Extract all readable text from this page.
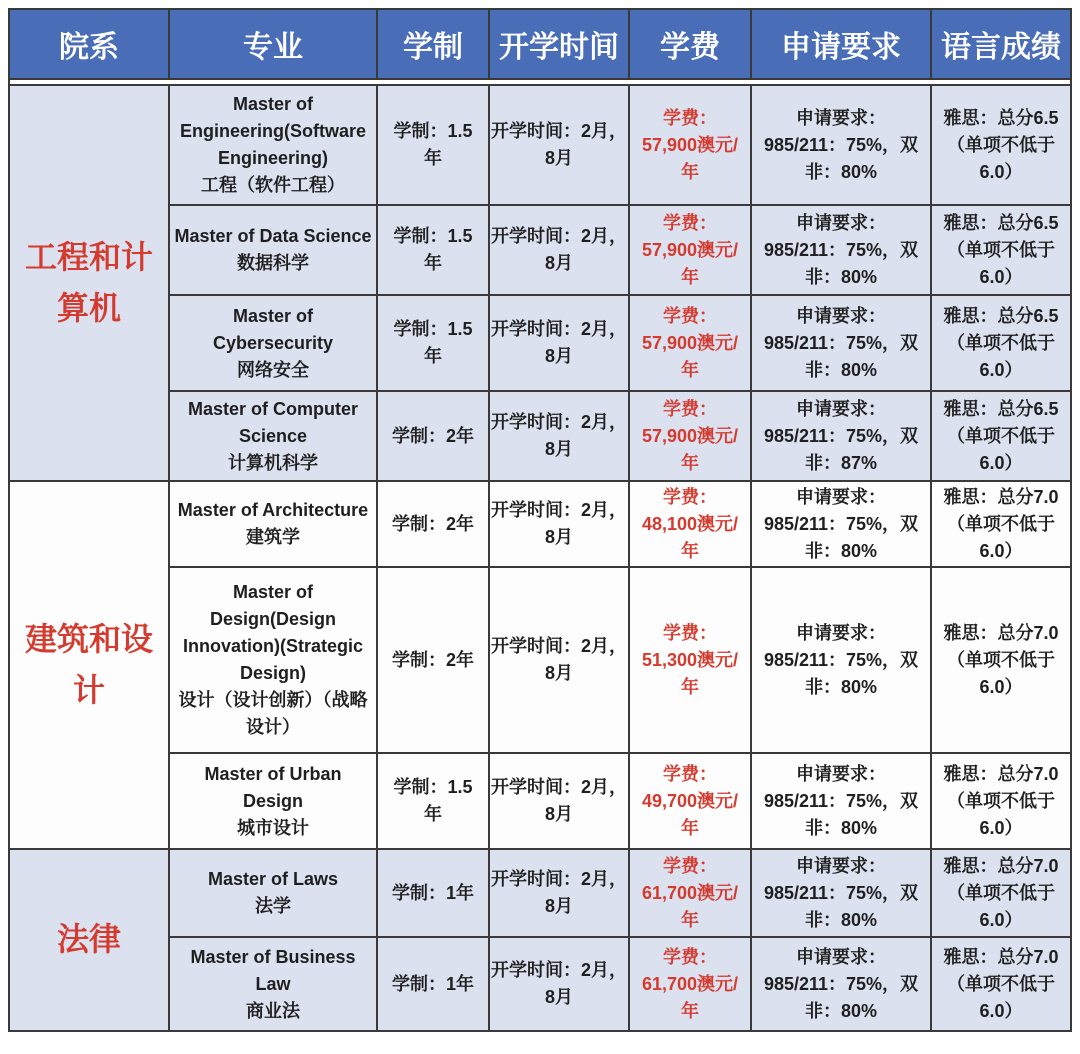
院系	专业	学制 开学时间 学费 申请要求 语言成绩
工程和计算机
Master of Engineering(Software Engineering)
工程（软件工程）
学制：1.5
年
开学时间：2月，
8月
学费：
57,900澳元/年
申请要求：
985/211：75%，双非：80%
雅思：总分6.5
（单项不低于6.0）
Master of Data Science
数据科学
学制：1.5
年
开学时间：2月，
8月
学费：
57,900澳元/年
申请要求：
985/211：75%，双非：80%
雅思：总分6.5
（单项不低于6.0）
Master of Cybersecurity
网络安全
学制：1.5
年
开学时间：2月，
8月
学费：
57,900澳元/年
申请要求：
985/211：75%，双非：80%
雅思：总分6.5
（单项不低于6.0）
Master of Computer Science
计算机科学
学制：2年
开学时间：2月，
8月
学费：
57,900澳元/年
申请要求：
985/211：75%，双非：87%
雅思：总分6.5
（单项不低于6.0）
建筑和设计
Master of Architecture
建筑学
学制：2年
开学时间：2月，
8月
学费：
48,100澳元/年
申请要求：
985/211：75%，双非：80%
雅思：总分7.0
（单项不低于6.0）
Master of Design(Design Innovation)(Strategic Design)
设计（设计创新）（战略设计）
学制：2年
开学时间：2月，
8月
学费：
51,300澳元/年
申请要求：
985/211：75%，双非：80%
雅思：总分7.0
（单项不低于6.0）
Master of Urban Design
城市设计
学制：1.5
年
开学时间：2月，
8月
学费：
49,700澳元/年
申请要求：
985/211：75%，双非：80%
雅思：总分7.0
（单项不低于6.0）
法律
Master of Laws
法学
学制：1年
开学时间：2月，
8月
学费：
61,700澳元/年
申请要求：
985/211：75%，双非：80%
雅思：总分7.0
（单项不低于6.0）
Master of Business Law
商业法
学制：1年
开学时间：2月，
8月
学费：
61,700澳元/年
申请要求：
985/211：75%，双非：80%
雅思：总分7.0
（单项不低于6.0）
